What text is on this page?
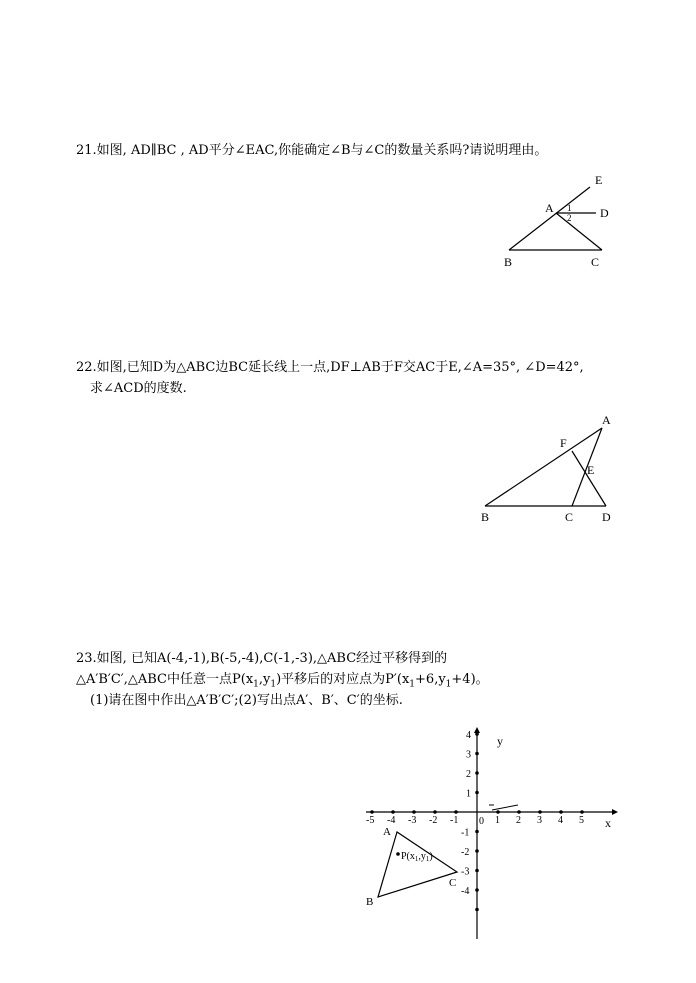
21.如图, AD∥BC , AD平分∠EAC,你能确定∠B与∠C的数量关系吗?请说明理由。
E
A	D
B	C
1
2
22.如图,已知D为△ABC边BC延长线上一点,DF⊥AB于F交AC于E,∠A=35°, ∠D=42°,
求∠ACD的度数.
A
F
E
B	C D
23.如图, 已知A(-4,-1),B(-5,-4),C(-1,-3),△ABC经过平移得到的
△A′B′C′,△ABC中任意一点$P(x_1,y_1)$平移后的对应点为$P'(x_1+6,y_1+4)$。
(1)请在图中作出△A′B′C′;(2)写出点A′、B′、C′的坐标.
x
y
0
-5 -4 -3 -2 -1	1 2 3 4 5
4
3
2
1
-1
-2
-3
-4
A
B
C
$P(x_1,y_1)$
